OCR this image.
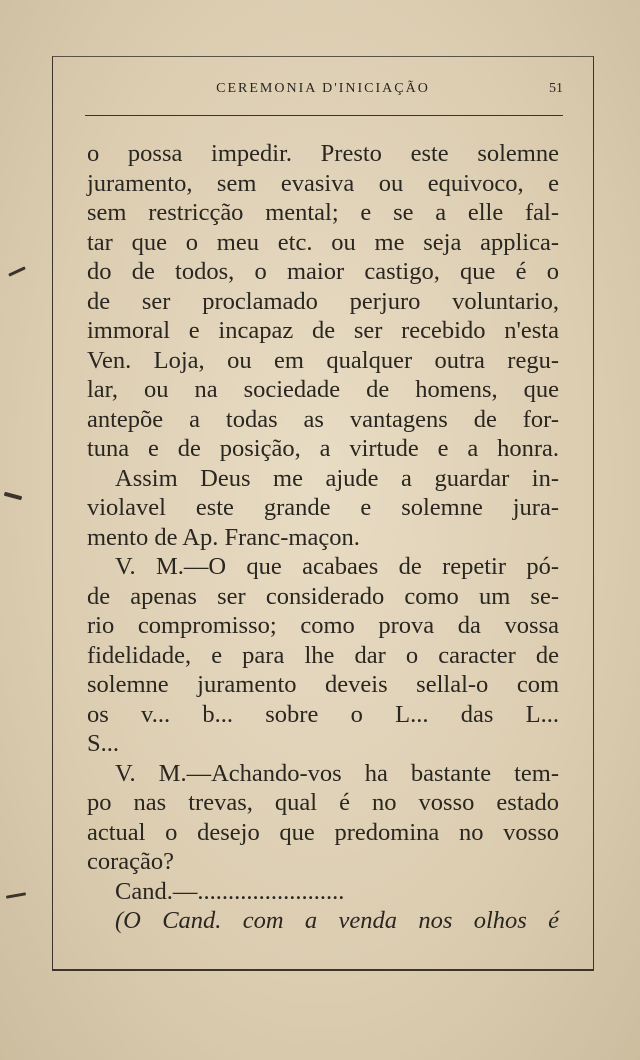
CEREMONIA D'INICIAÇÃO	51
o possa impedir. Presto este solemne
juramento, sem evasiva ou equivoco, e
sem restricção mental; e se a elle fal-
tar que o meu etc. ou me seja applica-
do de todos, o maior castigo, que é o
de ser proclamado perjuro voluntario,
immoral e incapaz de ser recebido n'esta
Ven. Loja, ou em qualquer outra regu-
lar, ou na sociedade de homens, que
antepõe a todas as vantagens de for-
tuna e de posição, a virtude e a honra.
Assim Deus me ajude a guardar in-
violavel este grande e solemne jura-
mento de Ap. Franc-maçon.
V. M.—O que acabaes de repetir pó-
de apenas ser considerado como um se-
rio compromisso; como prova da vossa
fidelidade, e para lhe dar o caracter de
solemne juramento deveis sellal-o com
os v... b... sobre o L... das L...
S...
V. M.—Achando-vos ha bastante tem-
po nas trevas, qual é no vosso estado
actual o desejo que predomina no vosso
coração?
Cand.—........................
(O Cand. com a venda nos olhos é
